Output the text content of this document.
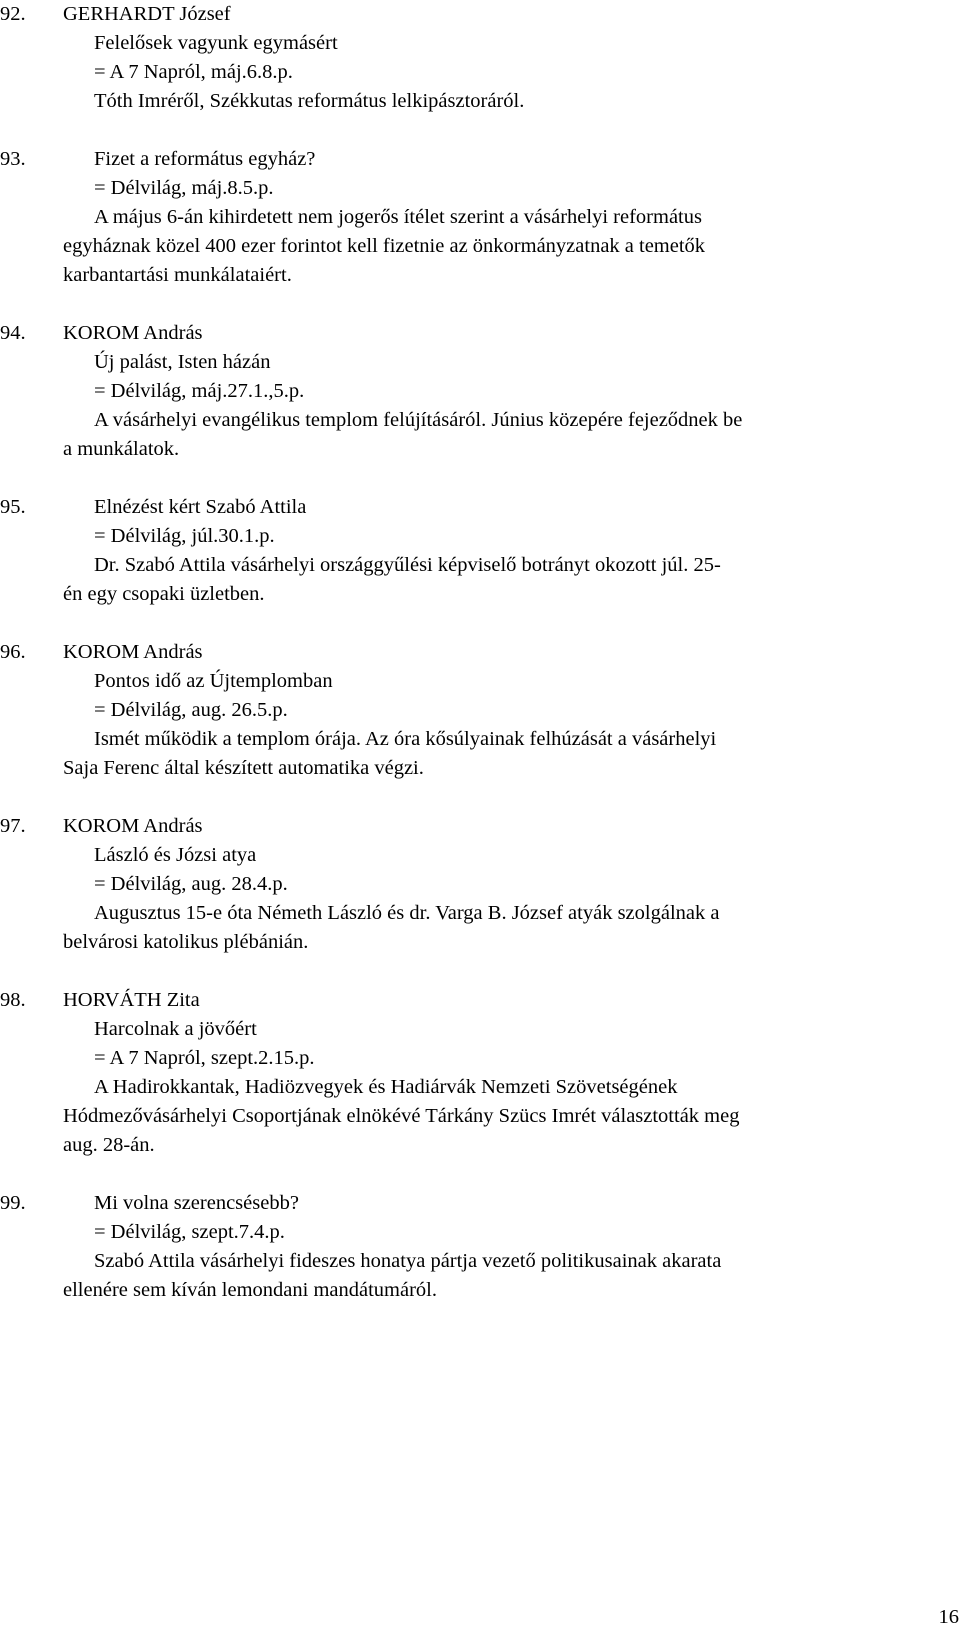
92. GERHARDT József
Felelősek vagyunk egymásért
= A 7 Napról, máj.6.8.p.
Tóth Imréről, Székkutas református lelkipásztoráról.
93.	Fizet a református egyház?
= Délvilág, máj.8.5.p.
A május 6-án kihirdetett nem jogerős ítélet szerint a vásárhelyi református
egyháznak közel 400 ezer forintot kell fizetnie az önkormányzatnak a temetők
karbantartási munkálataiért.
94. KOROM András
Új palást, Isten házán
= Délvilág, máj.27.1.,5.p.
A vásárhelyi evangélikus templom felújításáról. Június közepére fejeződnek be
a munkálatok.
95.	Elnézést kért Szabó Attila
= Délvilág, júl.30.1.p.
Dr. Szabó Attila vásárhelyi országgyűlési képviselő botrányt okozott júl. 25-
én egy csopaki üzletben.
96. KOROM András
Pontos idő az Újtemplomban
= Délvilág, aug. 26.5.p.
Ismét működik a templom órája. Az óra kősúlyainak felhúzását a vásárhelyi
Saja Ferenc által készített automatika végzi.
97. KOROM András
László és Józsi atya
= Délvilág, aug. 28.4.p.
Augusztus 15-e óta Németh László és dr. Varga B. József atyák szolgálnak a
belvárosi katolikus plébánián.
98. HORVÁTH Zita
Harcolnak a jövőért
= A 7 Napról, szept.2.15.p.
A Hadirokkantak, Hadiözvegyek és Hadiárvák Nemzeti Szövetségének
Hódmezővásárhelyi Csoportjának elnökévé Tárkány Szücs Imrét választották meg
aug. 28-án.
99.	Mi volna szerencsésebb?
= Délvilág, szept.7.4.p.
Szabó Attila vásárhelyi fideszes honatya pártja vezető politikusainak akarata
ellenére sem kíván lemondani mandátumáról.
16
